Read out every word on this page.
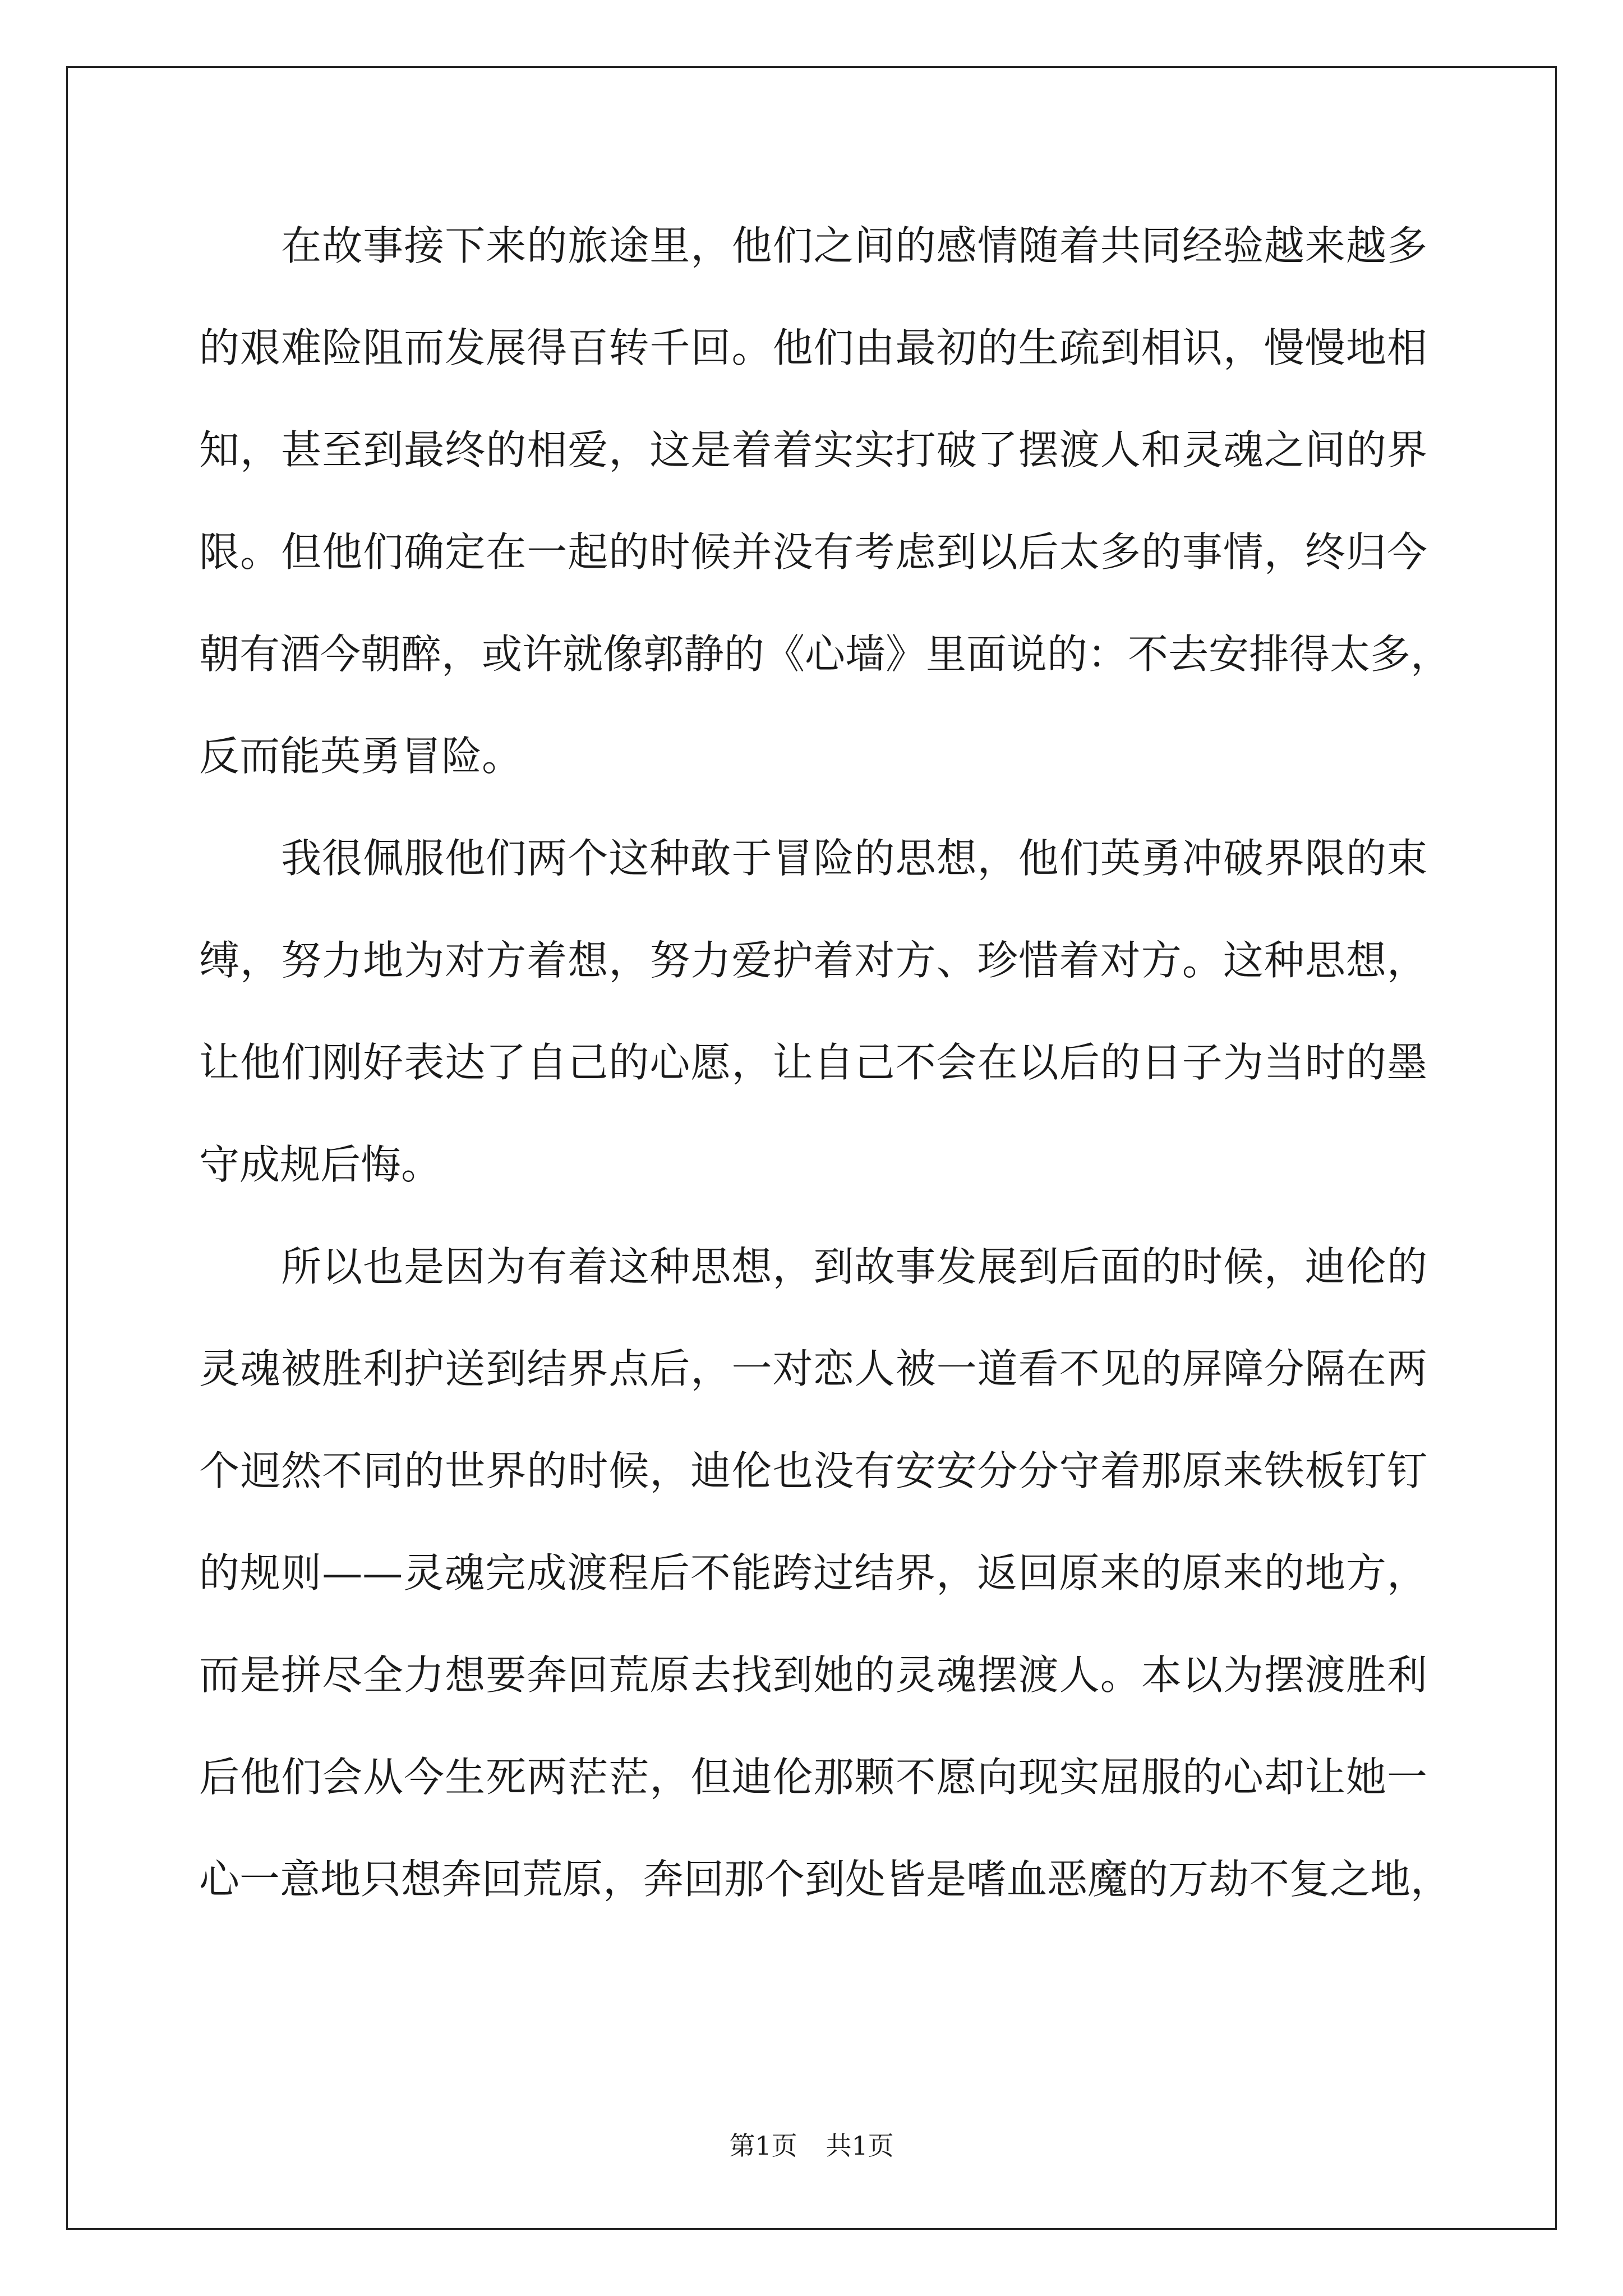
　　在故事接下来的旅途里，他们之间的感情随着共同经验越来越多
的艰难险阻而发展得百转千回。他们由最初的生疏到相识，慢慢地相
知，甚至到最终的相爱，这是着着实实打破了摆渡人和灵魂之间的界
限。但他们确定在一起的时候并没有考虑到以后太多的事情，终归今
朝有酒今朝醉，或许就像郭静的《心墙》里面说的：不去安排得太多，
反而能英勇冒险。
　　我很佩服他们两个这种敢于冒险的思想，他们英勇冲破界限的束
缚，努力地为对方着想，努力爱护着对方、珍惜着对方。这种思想，
让他们刚好表达了自己的心愿，让自己不会在以后的日子为当时的墨
守成规后悔。
　　所以也是因为有着这种思想，到故事发展到后面的时候，迪伦的
灵魂被胜利护送到结界点后，一对恋人被一道看不见的屏障分隔在两
个迥然不同的世界的时候，迪伦也没有安安分分守着那原来铁板钉钉
的规则——灵魂完成渡程后不能跨过结界，返回原来的原来的地方，
而是拼尽全力想要奔回荒原去找到她的灵魂摆渡人。本以为摆渡胜利
后他们会从今生死两茫茫，但迪伦那颗不愿向现实屈服的心却让她一
心一意地只想奔回荒原，奔回那个到处皆是嗜血恶魔的万劫不复之地，
第1页 共1页
